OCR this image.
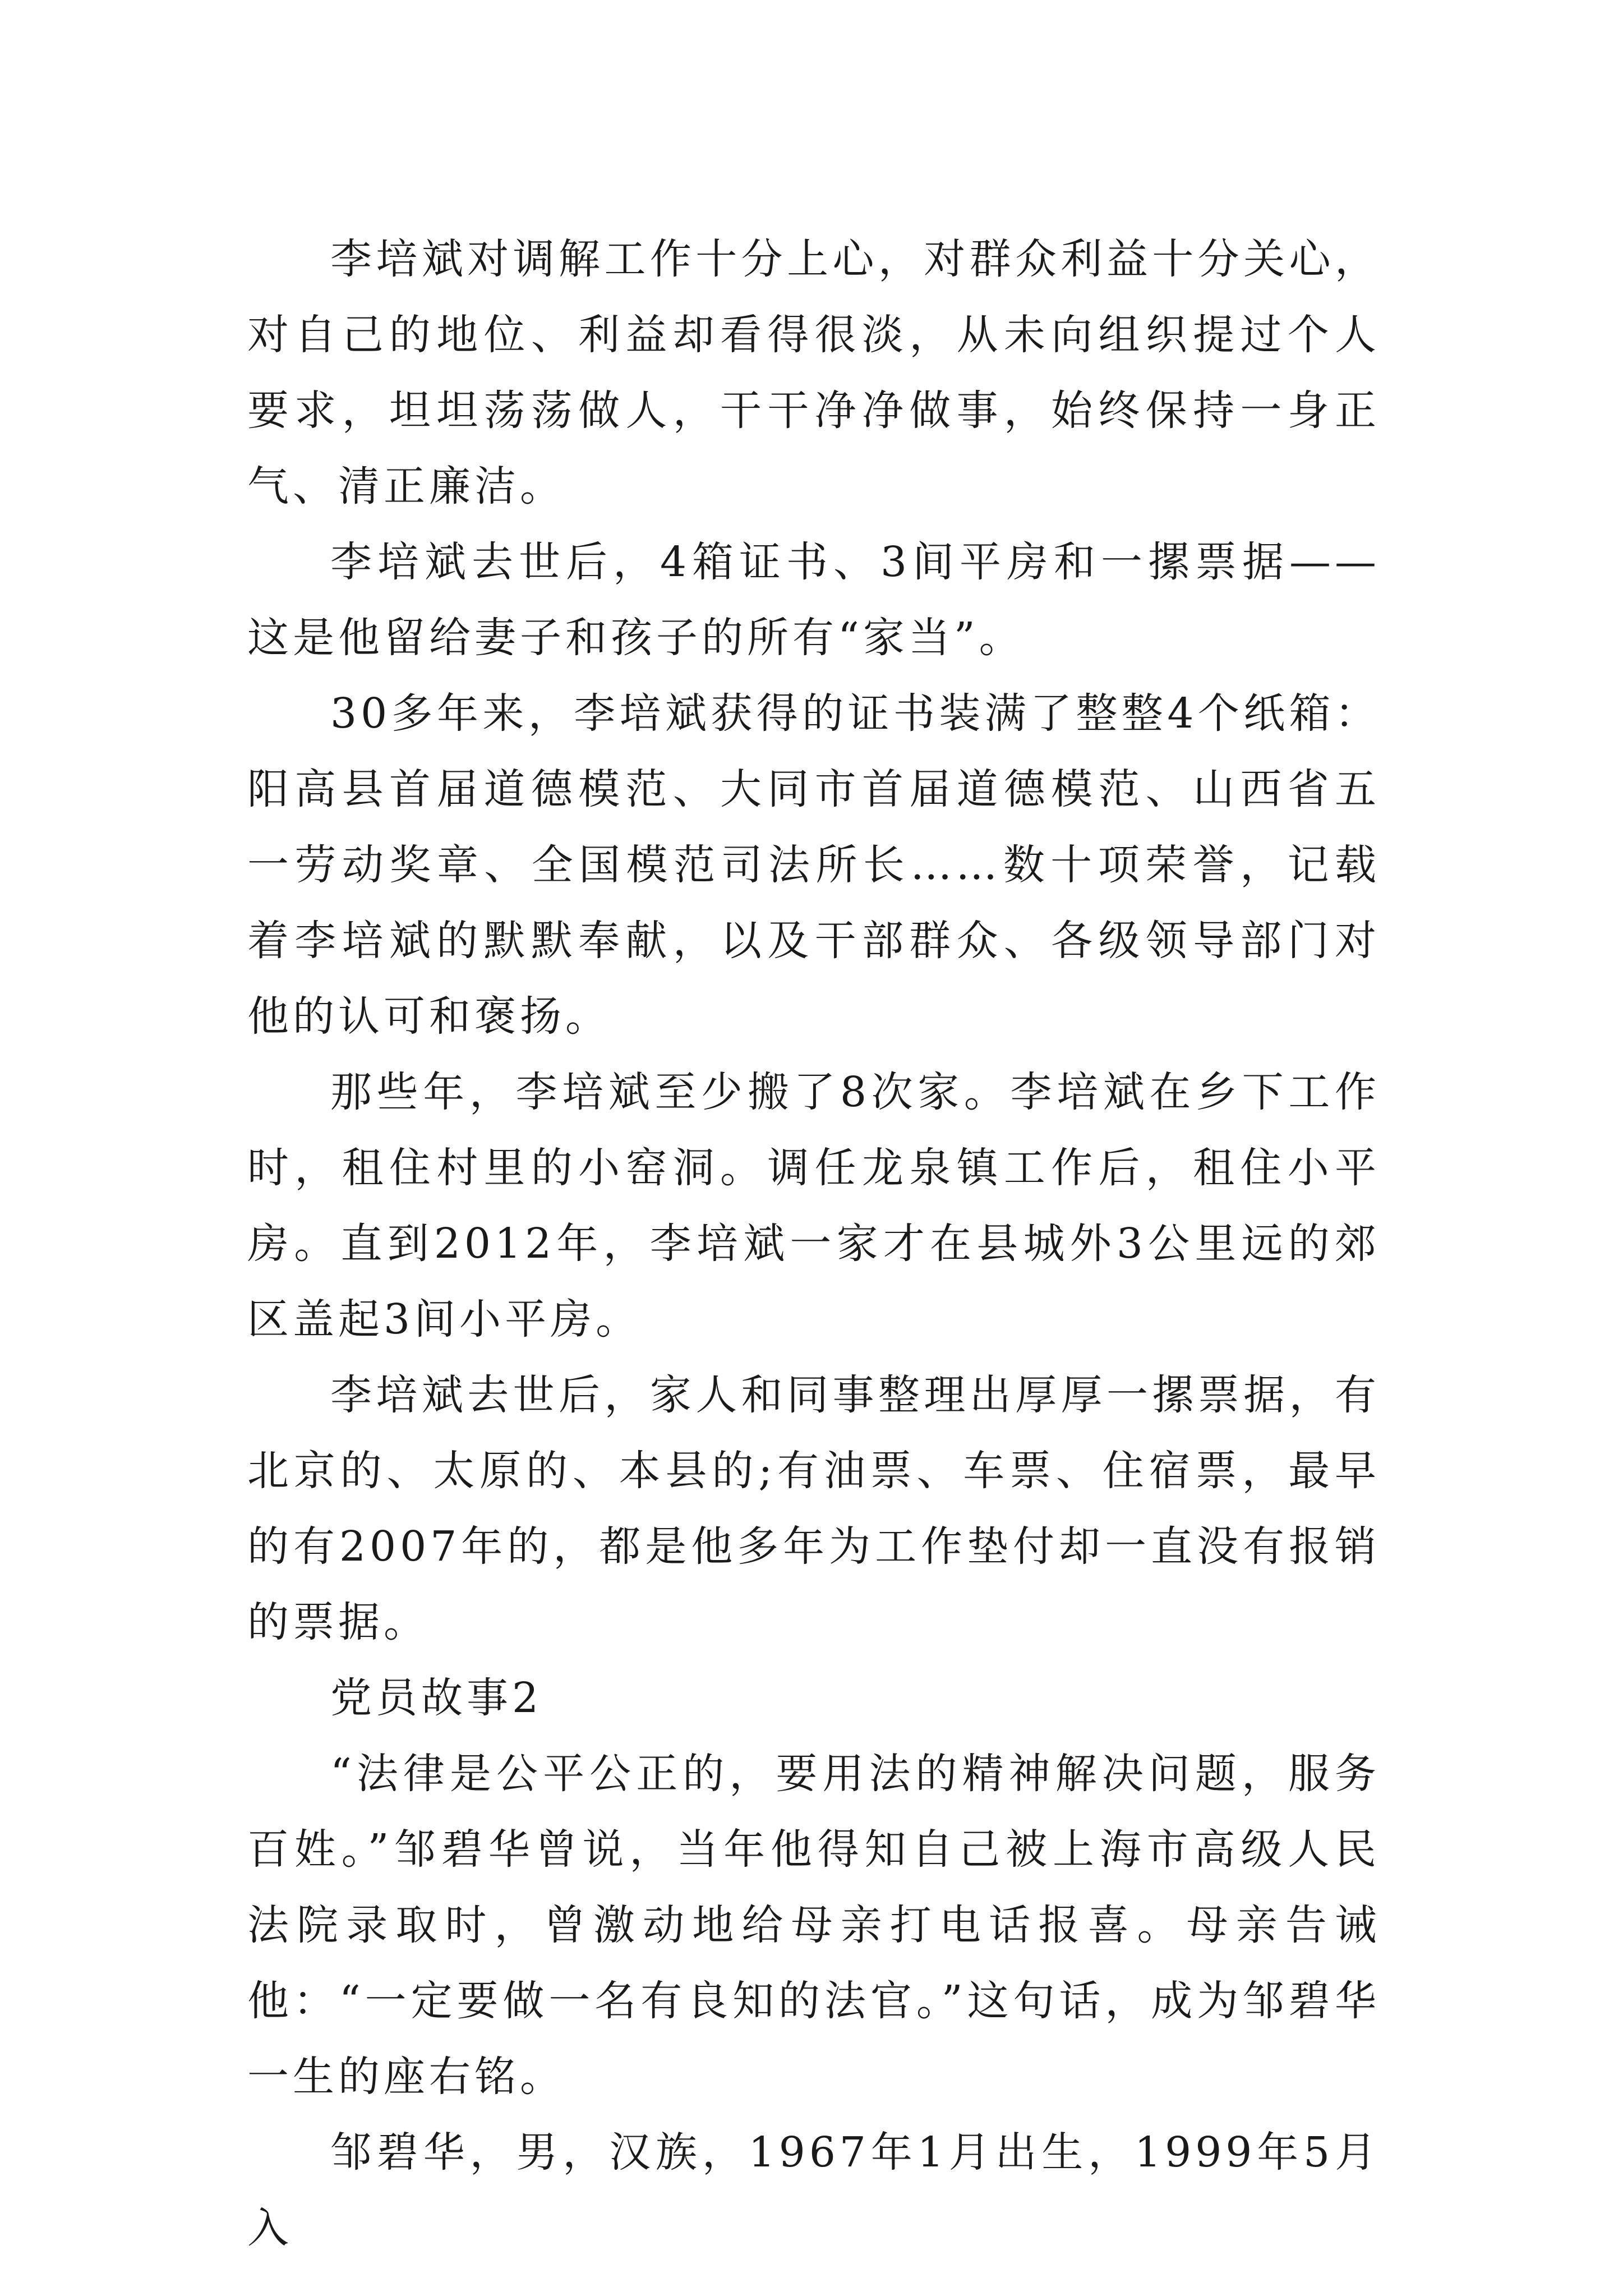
李培斌对调解工作十分上心，对群众利益十分关心，对自己的地位、利益却看得很淡，从未向组织提过个人要求，坦坦荡荡做人，干干净净做事，始终保持一身正气、清正廉洁。

李培斌去世后，4箱证书、3间平房和一摞票据——这是他留给妻子和孩子的所有“家当”。

30多年来，李培斌获得的证书装满了整整4个纸箱：阳高县首届道德模范、大同市首届道德模范、山西省五一劳动奖章、全国模范司法所长……数十项荣誉，记载着李培斌的默默奉献，以及干部群众、各级领导部门对他的认可和褒扬。

那些年，李培斌至少搬了8次家。李培斌在乡下工作时，租住村里的小窑洞。调任龙泉镇工作后，租住小平房。直到2012年，李培斌一家才在县城外3公里远的郊区盖起3间小平房。

李培斌去世后，家人和同事整理出厚厚一摞票据，有北京的、太原的、本县的;有油票、车票、住宿票，最早的有2007年的，都是他多年为工作垫付却一直没有报销的票据。

党员故事2

“法律是公平公正的，要用法的精神解决问题，服务百姓。”邹碧华曾说，当年他得知自己被上海市高级人民法院录取时，曾激动地给母亲打电话报喜。母亲告诫他：“一定要做一名有良知的法官。”这句话，成为邹碧华一生的座右铭。

邹碧华，男，汉族，1967年1月出生，1999年5月入
